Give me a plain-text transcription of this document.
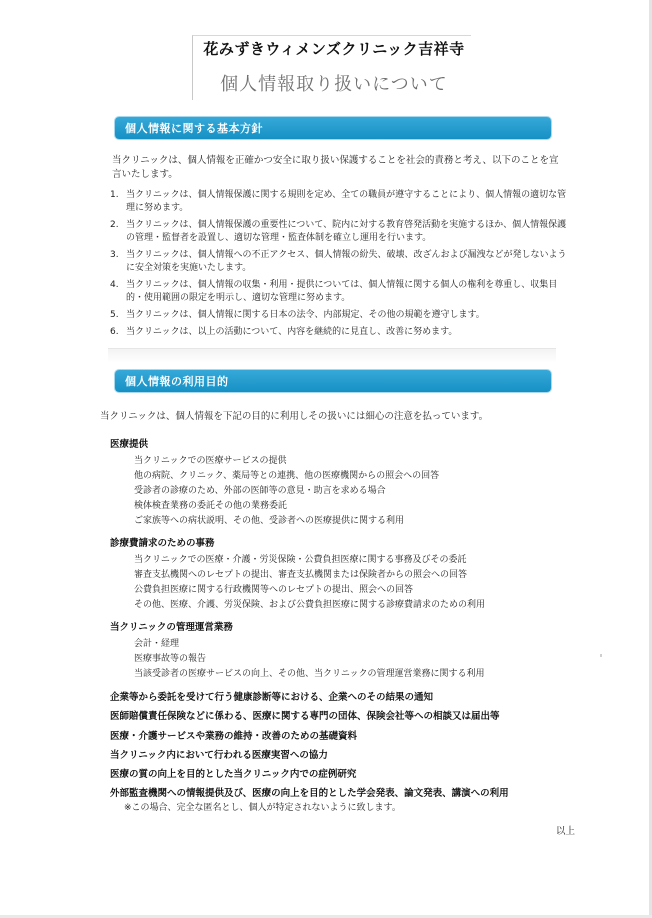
花みずきウィメンズクリニック吉祥寺
個人情報取り扱いについて
個人情報に関する基本方針
当クリニックは、個人情報を正確かつ安全に取り扱い保護することを社会的責務と考え、以下のことを宣言いたします。
1. 当クリニックは、個人情報保護に関する規則を定め、全ての職員が遵守することにより、個人情報の適切な管理に努めます。
2. 当クリニックは、個人情報保護の重要性について、院内に対する教育啓発活動を実施するほか、個人情報保護の管理・監督者を設置し、適切な管理・監査体制を確立し運用を行います。
3. 当クリニックは、個人情報への不正アクセス、個人情報の紛失、破壊、改ざんおよび漏洩などが発しないように安全対策を実施いたします。
4. 当クリニックは、個人情報の収集・利用・提供については、個人情報に関する個人の権利を尊重し、収集目的・使用範囲の限定を明示し、適切な管理に努めます。
5. 当クリニックは、個人情報に関する日本の法令、内部規定、その他の規範を遵守します。
6. 当クリニックは、以上の活動について、内容を継続的に見直し、改善に努めます。
個人情報の利用目的
当クリニックは、個人情報を下記の目的に利用しその扱いには細心の注意を払っています。
医療提供
当クリニックでの医療サービスの提供
他の病院、クリニック、薬局等との連携、他の医療機関からの照会への回答
受診者の診療のため、外部の医師等の意見・助言を求める場合
検体検査業務の委託その他の業務委託
ご家族等への病状説明、その他、受診者への医療提供に関する利用
診療費請求のための事務
当クリニックでの医療・介護・労災保険・公費負担医療に関する事務及びその委託
審査支払機関へのレセプトの提出、審査支払機関または保険者からの照会への回答
公費負担医療に関する行政機関等へのレセプトの提出、照会への回答
その他、医療、介護、労災保険、および公費負担医療に関する診療費請求のための利用
当クリニックの管理運営業務
会計・経理
医療事故等の報告
当該受診者の医療サービスの向上、その他、当クリニックの管理運営業務に関する利用
企業等から委託を受けて行う健康診断等における、企業へのその結果の通知
医師賠償責任保険などに係わる、医療に関する専門の団体、保険会社等への相談又は届出等
医療・介護サービスや業務の維持・改善のための基礎資料
当クリニック内において行われる医療実習への協力
医療の質の向上を目的とした当クリニック内での症例研究
外部監査機関への情報提供及び、医療の向上を目的とした学会発表、論文発表、講演への利用
※この場合、完全な匿名とし、個人が特定されないように致します。
以上
